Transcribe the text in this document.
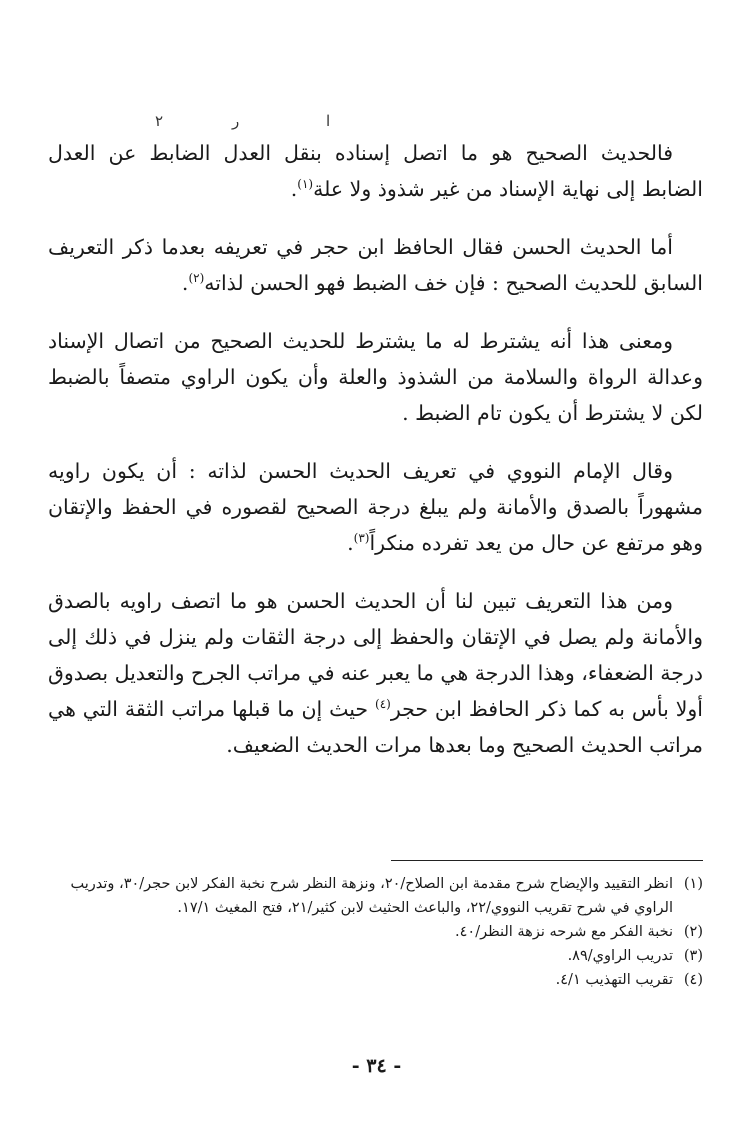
٢	ر	ا

فالحديث الصحيح هو ما اتصل إسناده بنقل العدل الضابط عن العدل الضابط إلى نهاية الإسناد من غير شذوذ ولا علة$^{(١)}$.

أما الحديث الحسن فقال الحافظ ابن حجر في تعريفه بعدما ذكر التعريف السابق للحديث الصحيح : فإن خف الضبط فهو الحسن لذاته$^{(٢)}$.

ومعنى هذا أنه يشترط له ما يشترط للحديث الصحيح من اتصال الإسناد وعدالة الرواة والسلامة من الشذوذ والعلة وأن يكون الراوي متصفاً بالضبط لكن لا يشترط أن يكون تام الضبط .

وقال الإمام النووي في تعريف الحديث الحسن لذاته : أن يكون راويه مشهوراً بالصدق والأمانة ولم يبلغ درجة الصحيح لقصوره في الحفظ والإتقان وهو مرتفع عن حال من يعد تفرده منكراً$^{(٣)}$.

ومن هذا التعريف تبين لنا أن الحديث الحسن هو ما اتصف راويه بالصدق والأمانة ولم يصل في الإتقان والحفظ إلى درجة الثقات ولم ينزل في ذلك إلى درجة الضعفاء، وهذا الدرجة هي ما يعبر عنه في مراتب الجرح والتعديل بصدوق أولا بأس به كما ذكر الحافظ ابن حجر$^{(٤)}$ حيث إن ما قبلها مراتب الثقة التي هي مراتب الحديث الصحيح وما بعدها مرات الحديث الضعيف.

(١)
انظر التقييد والإيضاح شرح مقدمة ابن الصلاح/٢٠، ونزهة النظر شرح نخبة الفكر لابن حجر/٣٠، وتدريب الراوي في شرح تقريب النووي/٢٢، والباعث الحثيث لابن كثير/٢١، فتح المغيث ١٧/١.
(٢)
نخبة الفكر مع شرحه نزهة النظر/٤٠.
(٣)
تدريب الراوي/٨٩.
(٤)
تقريب التهذيب ٤/١.
- ٣٤ -
